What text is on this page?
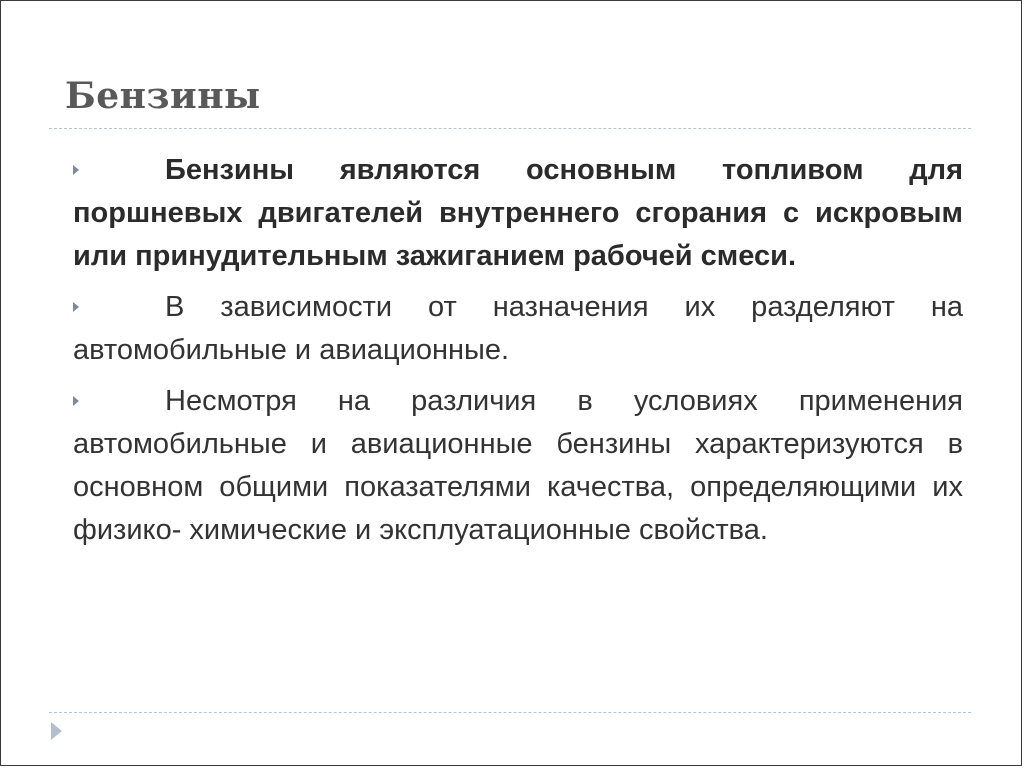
Бензины
Бензины являются основным топливом для поршневых двигателей внутреннего сгорания с искровым или принудительным зажиганием рабочей смеси.
В зависимости от назначения их разделяют на автомобильные и авиационные.
Несмотря на различия в условиях применения автомобильные и авиационные бензины характеризуются в основном общими показателями качества, определяющими их физико- химические и эксплуатационные свойства.
